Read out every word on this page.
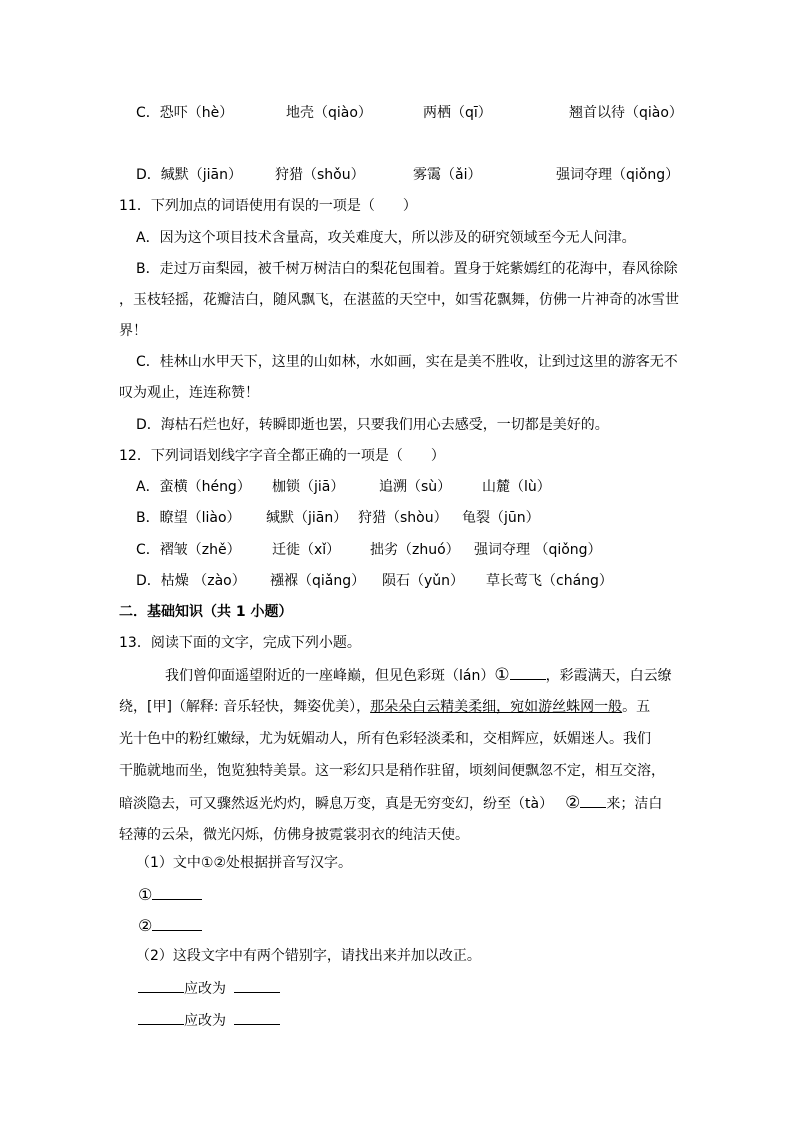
C．恐吓（hè）	地壳（qiào）	两栖（qī）	翘首以待（qiào）
D．缄默（jiān） 狩猎（shǒu）	雾霭（ǎi）	强词夺理（qiǒng）
11．下列加点的词语使用有误的一项是（　　）
A．因为这个项目技术含量高，攻关难度大，所以涉及的研究领域至今无人问津。
B．走过万亩梨园，被千树万树洁白的梨花包围着。置身于姹紫嫣红的花海中，春风徐除
，玉枝轻摇，花瓣洁白，随风飘飞，在湛蓝的天空中，如雪花飘舞，仿佛一片神奇的冰雪世
界！
C．桂林山水甲天下，这里的山如林，水如画，实在是美不胜收，让到过这里的游客无不
叹为观止，连连称赞！
D．海枯石烂也好，转瞬即逝也罢，只要我们用心去感受，一切都是美好的。
12．下列词语划线字字音全都正确的一项是（　　）
A．蛮横（héng） 枷锁（jiā） 追溯（sù） 山麓（lù）
B．瞭望（liào） 缄默（jiān） 狩猎（shòu） 龟裂（jūn）
C．褶皱（zhě） 迁徙（xǐ） 拙劣（zhuó） 强词夺理 （qiǒng）
D．枯燥 （zào） 襁褓（qiǎng） 陨石（yǔn） 草长莺飞（cháng）
二．基础知识（共 1 小题）
13．阅读下面的文字，完成下列小题。
我们曾仰面遥望附近的一座峰巅，但见色彩斑（lán）①	，彩霞满天，白云缭
绕，[甲]（解释: 音乐轻快，舞姿优美），那朵朵白云精美柔细，宛如游丝蛛网一般。五
光十色中的粉红嫩绿，尤为妩媚动人，所有色彩轻淡柔和，交相辉应，妖媚迷人。我们
干脆就地而坐，饱览独特美景。这一彩幻只是稍作驻留，顷刻间便飘忽不定，相互交溶，
暗淡隐去，可又骤然返光灼灼，瞬息万变，真是无穷变幻，纷至（tà） ② 来；洁白
轻薄的云朵，微光闪烁，仿佛身披霓裳羽衣的纯洁天使。
（1）文中①②处根据拼音写汉字。
①
②
（2）这段文字中有两个错别字，请找出来并加以改正。
应改为
应改为
